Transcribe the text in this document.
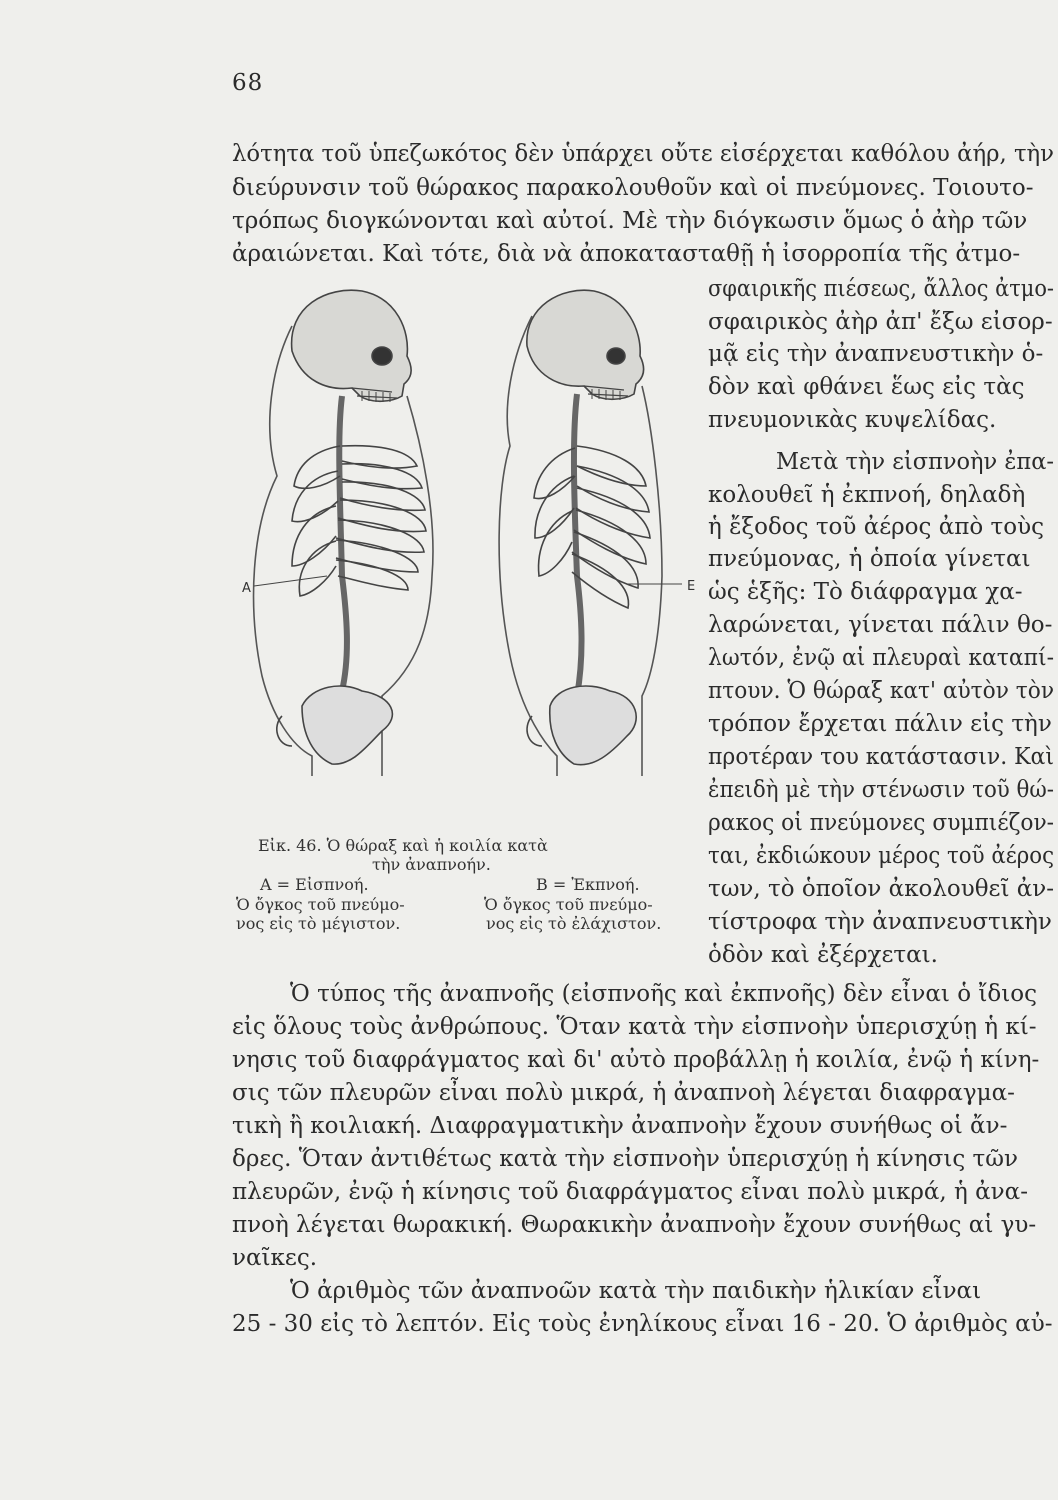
68
λότητα τοῦ ὑπεζωκότος δὲν ὑπάρχει οὔτε εἰσέρχεται καθόλου ἀήρ, τὴν
διεύρυνσιν τοῦ θώρακος παρακολουθοῦν καὶ οἱ πνεύμονες. Τοιουτο-
τρόπως διογκώνονται καὶ αὐτοί. Μὲ τὴν διόγκωσιν ὅμως ὁ ἀὴρ τῶν
ἀραιώνεται. Καὶ τότε, διὰ νὰ ἀποκατασταθῇ ἡ ἰσορροπία τῆς ἀτμο-
σφαιρικῆς πιέσεως, ἄλλος ἀτμο-
σφαιρικὸς ἀὴρ ἀπ' ἔξω εἰσορ-
μᾷ εἰς τὴν ἀναπνευστικὴν ὁ-
δὸν καὶ φθάνει ἕως εἰς τὰς
πνευμονικὰς κυψελίδας.
Μετὰ τὴν εἰσπνοὴν ἐπα-
κολουθεῖ ἡ ἐκπνοή, δηλαδὴ
ἡ ἔξοδος τοῦ ἀέρος ἀπὸ τοὺς
πνεύμονας, ἡ ὁποία γίνεται
ὡς ἑξῆς: Τὸ διάφραγμα χα-
λαρώνεται, γίνεται πάλιν θο-
λωτόν, ἐνῷ αἱ πλευραὶ καταπί-
πτουν. Ὁ θώραξ κατ' αὐτὸν τὸν
τρόπον ἔρχεται πάλιν εἰς τὴν
προτέραν του κατάστασιν. Καὶ
ἐπειδὴ μὲ τὴν στένωσιν τοῦ θώ-
ρακος οἱ πνεύμονες συμπιέζον-
ται, ἐκδιώκουν μέρος τοῦ ἀέρος
των, τὸ ὁποῖον ἀκολουθεῖ ἀν-
τίστροφα τὴν ἀναπνευστικὴν
ὁδὸν καὶ ἐξέρχεται.
A	E
Εἰκ. 46. Ὁ θώραξ καὶ ἡ κοιλία κατὰ
τὴν ἀναπνοήν.
A = Εἰσπνοή.	B = Ἐκπνοή.
Ὁ ὄγκος τοῦ πνεύμο-	Ὁ ὄγκος τοῦ πνεύμο-
νος εἰς τὸ μέγιστον.	νος εἰς τὸ ἐλάχιστον.
Ὁ τύπος τῆς ἀναπνοῆς (εἰσπνοῆς καὶ ἐκπνοῆς) δὲν εἶναι ὁ ἴδιος
εἰς ὅλους τοὺς ἀνθρώπους. Ὅταν κατὰ τὴν εἰσπνοὴν ὑπερισχύῃ ἡ κί-
νησις τοῦ διαφράγματος καὶ δι' αὐτὸ προβάλλῃ ἡ κοιλία, ἐνῷ ἡ κίνη-
σις τῶν πλευρῶν εἶναι πολὺ μικρά, ἡ ἀναπνοὴ λέγεται διαφραγμα-
τικὴ ἢ κοιλιακή. Διαφραγματικὴν ἀναπνοὴν ἔχουν συνήθως οἱ ἄν-
δρες. Ὅταν ἀντιθέτως κατὰ τὴν εἰσπνοὴν ὑπερισχύῃ ἡ κίνησις τῶν
πλευρῶν, ἐνῷ ἡ κίνησις τοῦ διαφράγματος εἶναι πολὺ μικρά, ἡ ἀνα-
πνοὴ λέγεται θωρακική. Θωρακικὴν ἀναπνοὴν ἔχουν συνήθως αἱ γυ-
ναῖκες.
Ὁ ἀριθμὸς τῶν ἀναπνοῶν κατὰ τὴν παιδικὴν ἡλικίαν εἶναι
25 - 30 εἰς τὸ λεπτόν. Εἰς τοὺς ἐνηλίκους εἶναι 16 - 20. Ὁ ἀριθμὸς αὐ-
